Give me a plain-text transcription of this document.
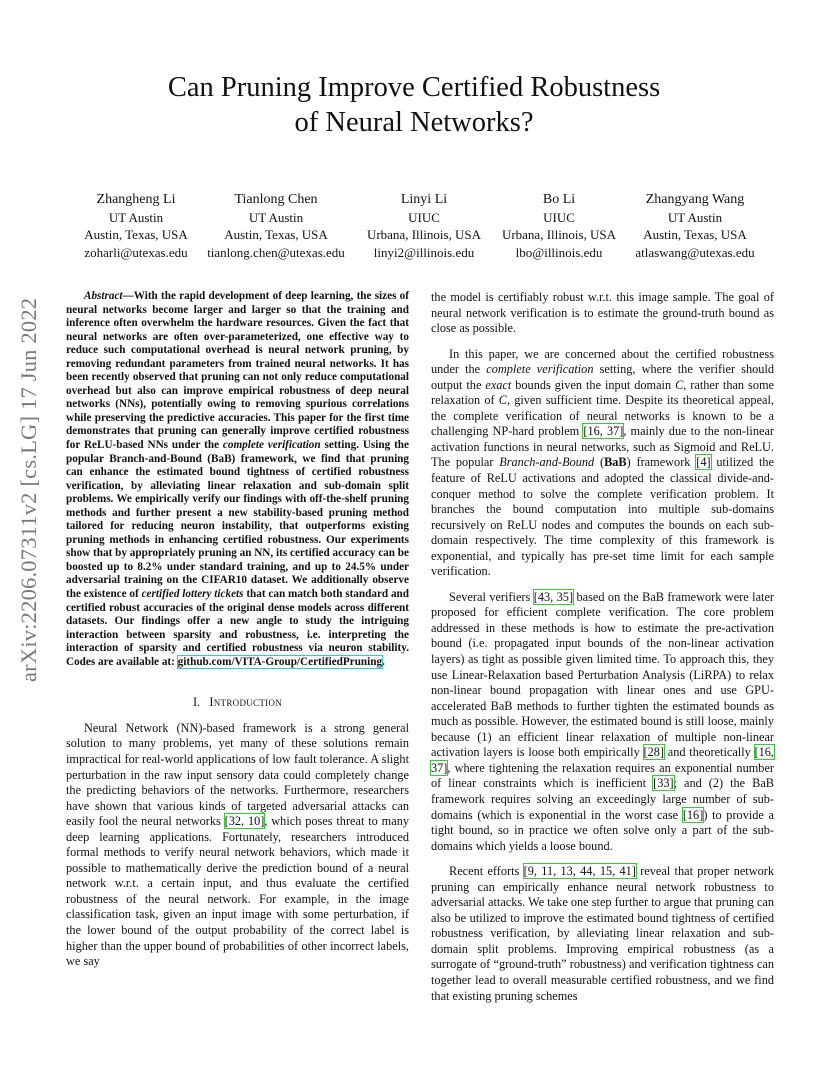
Can Pruning Improve Certified Robustness
of Neural Networks?
Zhangheng Li
UT Austin
Austin, Texas, USA
zoharli@utexas.edu
Tianlong Chen
UT Austin
Austin, Texas, USA
tianlong.chen@utexas.edu
Linyi Li
UIUC
Urbana, Illinois, USA
linyi2@illinois.edu
Bo Li
UIUC
Urbana, Illinois, USA
lbo@illinois.edu
Zhangyang Wang
UT Austin
Austin, Texas, USA
atlaswang@utexas.edu
arXiv:2206.07311v2 [cs.LG] 17 Jun 2022

Abstract—With the rapid development of deep learning, the sizes of neural networks become larger and larger so that the training and inference often overwhelm the hardware resources. Given the fact that neural networks are often over-parameterized, one effective way to reduce such computational overhead is neural network pruning, by removing redundant parameters from trained neural networks. It has been recently observed that pruning can not only reduce computational overhead but also can improve empirical robustness of deep neural networks (NNs), potentially owing to removing spurious correlations while preserving the predictive accuracies. This paper for the first time demonstrates that pruning can generally improve certified robustness for ReLU-based NNs under the complete verification setting. Using the popular Branch-and-Bound (BaB) framework, we find that pruning can enhance the estimated bound tightness of certified robustness verification, by alleviating linear relaxation and sub-domain split problems. We empirically verify our findings with off-the-shelf pruning methods and further present a new stability-based pruning method tailored for reducing neuron instability, that outperforms existing pruning methods in enhancing certified robustness. Our experiments show that by appropriately pruning an NN, its certified accuracy can be boosted up to 8.2% under standard training, and up to 24.5% under adversarial training on the CIFAR10 dataset. We additionally observe the existence of certified lottery tickets that can match both standard and certified robust accuracies of the original dense models across different datasets. Our findings offer a new angle to study the intriguing interaction between sparsity and robustness, i.e. interpreting the interaction of sparsity and certified robustness via neuron stability. Codes are available at: github.com/VITA-Group/CertifiedPruning.

I. Introduction

Neural Network (NN)-based framework is a strong general solution to many problems, yet many of these solutions remain impractical for real-world applications of low fault tolerance. A slight perturbation in the raw input sensory data could completely change the predicting behaviors of the networks. Furthermore, researchers have shown that various kinds of targeted adversarial attacks can easily fool the neural networks [32, 10], which poses threat to many deep learning applications. Fortunately, researchers introduced formal methods to verify neural network behaviors, which made it possible to mathematically derive the prediction bound of a neural network w.r.t. a certain input, and thus evaluate the certified robustness of the neural network. For example, in the image classification task, given an input image with some perturbation, if the lower bound of the output probability of the correct label is higher than the upper bound of probabilities of other incorrect labels, we say

the model is certifiably robust w.r.t. this image sample. The goal of neural network verification is to estimate the ground-truth bound as close as possible.

In this paper, we are concerned about the certified robustness under the complete verification setting, where the verifier should output the exact bounds given the input domain C, rather than some relaxation of C, given sufficient time. Despite its theoretical appeal, the complete verification of neural networks is known to be a challenging NP-hard problem [16, 37], mainly due to the non-linear activation functions in neural networks, such as Sigmoid and ReLU. The popular Branch-and-Bound (BaB) framework [4] utilized the feature of ReLU activations and adopted the classical divide-and-conquer method to solve the complete verification problem. It branches the bound computation into multiple sub-domains recursively on ReLU nodes and computes the bounds on each sub-domain respectively. The time complexity of this framework is exponential, and typically has pre-set time limit for each sample verification.

Several verifiers [43, 35] based on the BaB framework were later proposed for efficient complete verification. The core problem addressed in these methods is how to estimate the pre-activation bound (i.e. propagated input bounds of the non-linear activation layers) as tight as possible given limited time. To approach this, they use Linear-Relaxation based Perturbation Analysis (LiRPA) to relax non-linear bound propagation with linear ones and use GPU-accelerated BaB methods to further tighten the estimated bounds as much as possible. However, the estimated bound is still loose, mainly because (1) an efficient linear relaxation of multiple non-linear activation layers is loose both empirically [28] and theoretically [16, 37], where tightening the relaxation requires an exponential number of linear constraints which is inefficient [33]; and (2) the BaB framework requires solving an exceedingly large number of sub-domains (which is exponential in the worst case [16]) to provide a tight bound, so in practice we often solve only a part of the sub-domains which yields a loose bound.

Recent efforts [9, 11, 13, 44, 15, 41] reveal that proper network pruning can empirically enhance neural network robustness to adversarial attacks. We take one step further to argue that pruning can also be utilized to improve the estimated bound tightness of certified robustness verification, by alleviating linear relaxation and sub-domain split problems. Improving empirical robustness (as a surrogate of “ground-truth” robustness) and verification tightness can together lead to overall measurable certified robustness, and we find that existing pruning schemes
